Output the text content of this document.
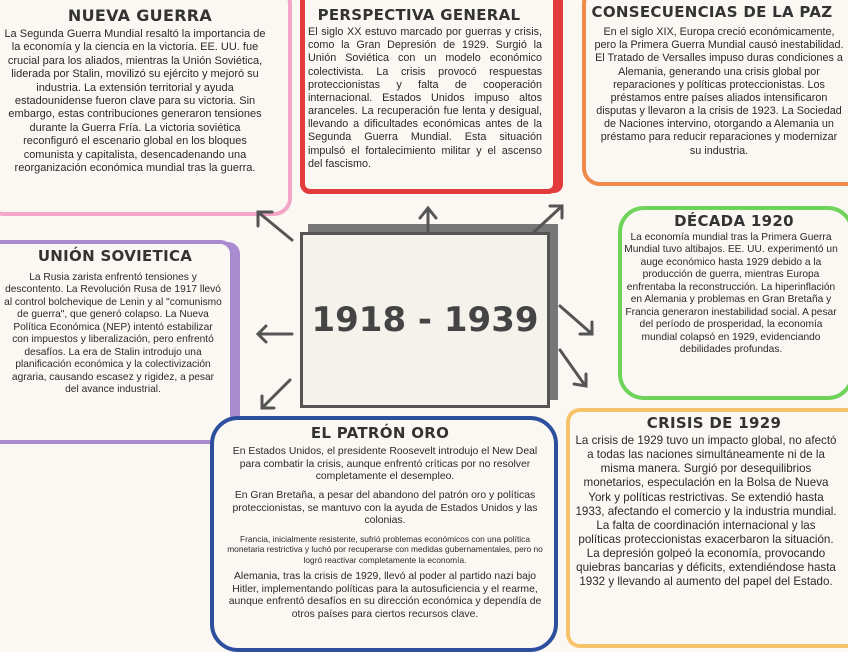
1918 - 1939
NUEVA GUERRA
La Segunda Guerra Mundial resaltó la importancia de la economía y la ciencia en la victoria. EE. UU. fue crucial para los aliados, mientras la Unión Soviética, liderada por Stalin, movilizó su ejército y mejoró su industria. La extensión territorial y ayuda estadounidense fueron clave para su victoria. Sin embargo, estas contribuciones generaron tensiones durante la Guerra Fría. La victoria soviética reconfiguró el escenario global en los bloques comunista y capitalista, desencadenando una reorganización económica mundial tras la guerra.
PERSPECTIVA GENERAL
El siglo XX estuvo marcado por guerras y crisis, como la Gran Depresión de 1929. Surgió la Unión Soviética con un modelo económico colectivista. La crisis provocó respuestas proteccionistas y falta de cooperación internacional. Estados Unidos impuso altos aranceles. La recuperación fue lenta y desigual, llevando a dificultades económicas antes de la Segunda Guerra Mundial. Esta situación impulsó el fortalecimiento militar y el ascenso del fascismo.
CONSECUENCIAS DE LA PAZ
En el siglo XIX, Europa creció económicamente, pero la Primera Guerra Mundial causó inestabilidad. El Tratado de Versalles impuso duras condiciones a Alemania, generando una crisis global por reparaciones y políticas proteccionistas. Los préstamos entre países aliados intensificaron disputas y llevaron a la crisis de 1923. La Sociedad de Naciones intervino, otorgando a Alemania un préstamo para reducir reparaciones y modernizar su industria.
UNIÓN SOVIETICA
La Rusia zarista enfrentó tensiones y descontento. La Revolución Rusa de 1917 llevó al control bolchevique de Lenin y al "comunismo de guerra", que generó colapso. La Nueva Política Económica (NEP) intentó estabilizar con impuestos y liberalización, pero enfrentó desafíos. La era de Stalin introdujo una planificación económica y la colectivización agraria, causando escasez y rigidez, a pesar del avance industrial.
DÉCADA 1920
La economía mundial tras la Primera Guerra Mundial tuvo altibajos. EE. UU. experimentó un auge económico hasta 1929 debido a la producción de guerra, mientras Europa enfrentaba la reconstrucción. La hiperinflación en Alemania y problemas en Gran Bretaña y Francia generaron inestabilidad social. A pesar del período de prosperidad, la economía mundial colapsó en 1929, evidenciando debilidades profundas.
EL PATRÓN ORO
En Estados Unidos, el presidente Roosevelt introdujo el New Deal para combatir la crisis, aunque enfrentó críticas por no resolver completamente el desempleo.
En Gran Bretaña, a pesar del abandono del patrón oro y políticas proteccionistas, se mantuvo con la ayuda de Estados Unidos y las colonias.
Francia, inicialmente resistente, sufrió problemas económicos con una política monetaria restrictiva y luchó por recuperarse con medidas gubernamentales, pero no logró reactivar completamente la economía.
Alemania, tras la crisis de 1929, llevó al poder al partido nazi bajo Hitler, implementando políticas para la autosuficiencia y el rearme, aunque enfrentó desafíos en su dirección económica y dependía de otros países para ciertos recursos clave.
CRISIS DE 1929
La crisis de 1929 tuvo un impacto global, no afectó a todas las naciones simultáneamente ni de la misma manera. Surgió por desequilibrios monetarios, especulación en la Bolsa de Nueva York y políticas restrictivas. Se extendió hasta 1933, afectando el comercio y la industria mundial. La falta de coordinación internacional y las políticas proteccionistas exacerbaron la situación. La depresión golpeó la economía, provocando quiebras bancarias y déficits, extendiéndose hasta 1932 y llevando al aumento del papel del Estado.
